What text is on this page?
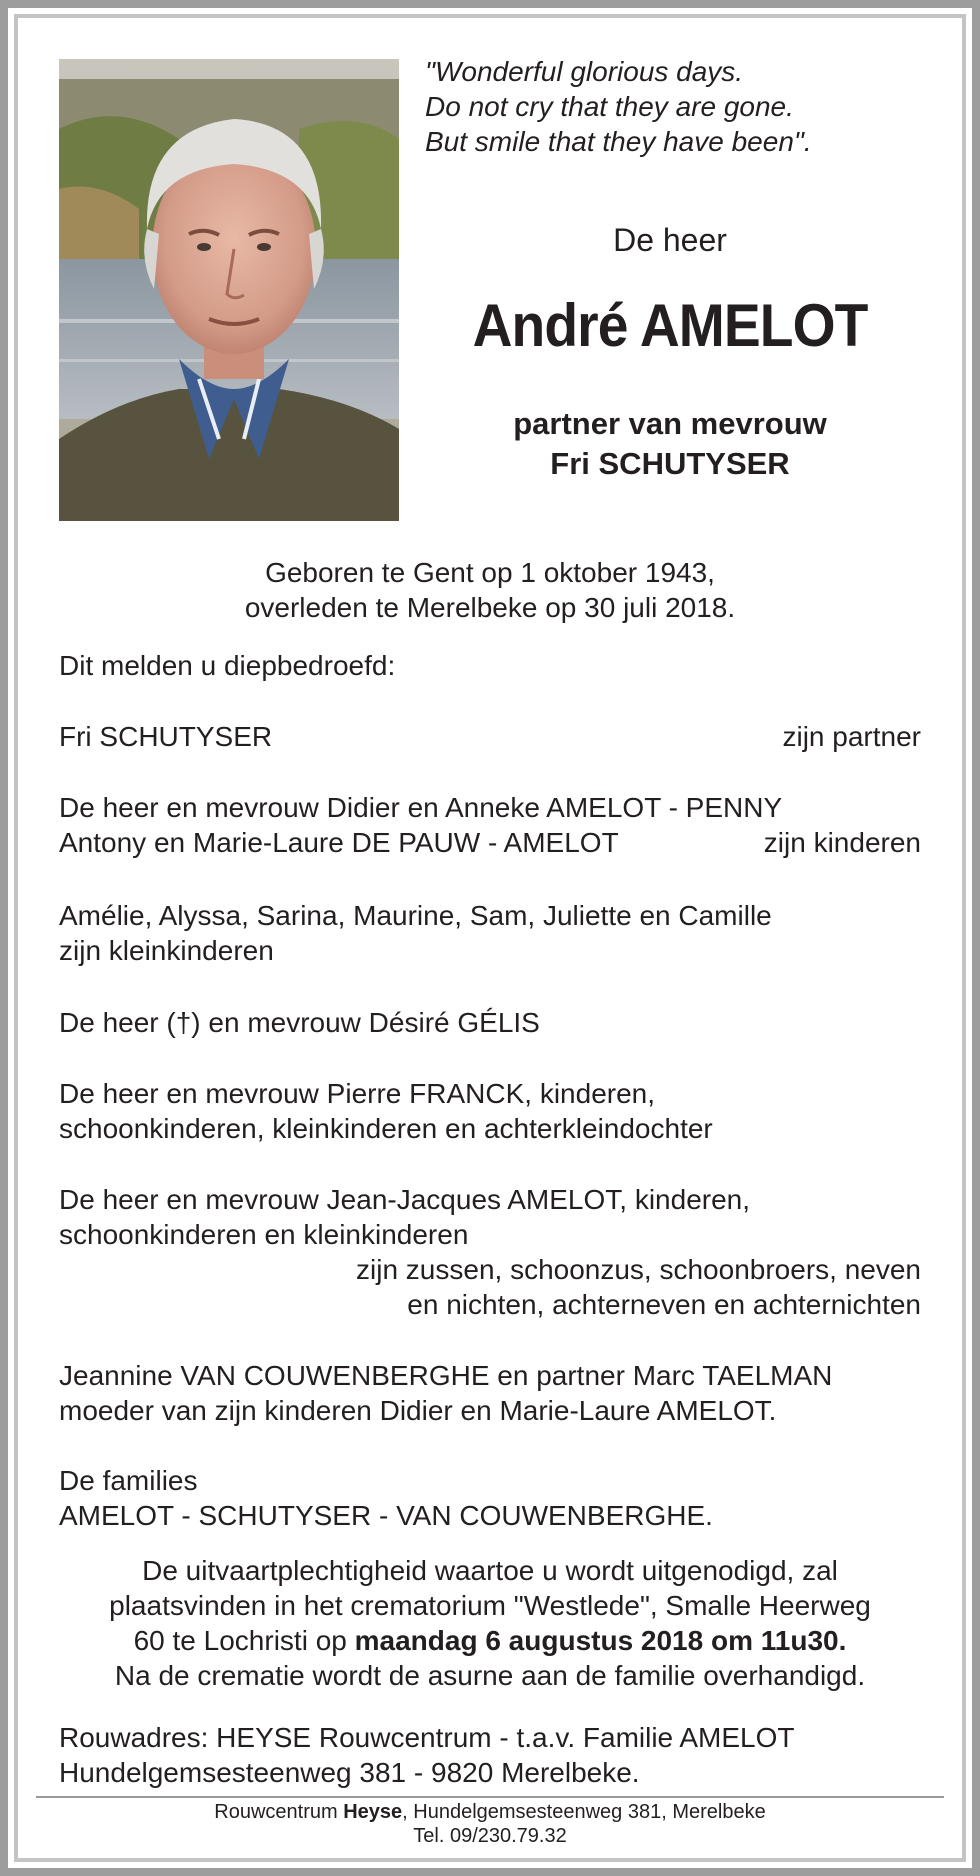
"Wonderful glorious days.
Do not cry that they are gone.
But smile that they have been".
De heer
André AMELOT
partner van mevrouw
Fri SCHUTYSER
Geboren te Gent op 1 oktober 1943,
overleden te Merelbeke op 30 juli 2018.
Dit melden u diepbedroefd:
Fri SCHUTYSER	zijn partner
De heer en mevrouw Didier en Anneke AMELOT - PENNY
Antony en Marie-Laure DE PAUW - AMELOT	zijn kinderen
Amélie, Alyssa, Sarina, Maurine, Sam, Juliette en Camille
zijn kleinkinderen
De heer (†) en mevrouw Désiré GÉLIS
De heer en mevrouw Pierre FRANCK, kinderen,
schoonkinderen, kleinkinderen en achterkleindochter
De heer en mevrouw Jean-Jacques AMELOT, kinderen,
schoonkinderen en kleinkinderen
zijn zussen, schoonzus, schoonbroers, neven
en nichten, achterneven en achternichten
Jeannine VAN COUWENBERGHE en partner Marc TAELMAN
moeder van zijn kinderen Didier en Marie-Laure AMELOT.
De families
AMELOT - SCHUTYSER - VAN COUWENBERGHE.
De uitvaartplechtigheid waartoe u wordt uitgenodigd, zal
plaatsvinden in het crematorium "Westlede", Smalle Heerweg
60 te Lochristi op maandag 6 augustus 2018 om 11u30.
Na de crematie wordt de asurne aan de familie overhandigd.
Rouwadres: HEYSE Rouwcentrum - t.a.v. Familie AMELOT
Hundelgemsesteenweg 381 - 9820 Merelbeke.
Rouwcentrum Heyse, Hundelgemsesteenweg 381, Merelbeke
Tel. 09/230.79.32
